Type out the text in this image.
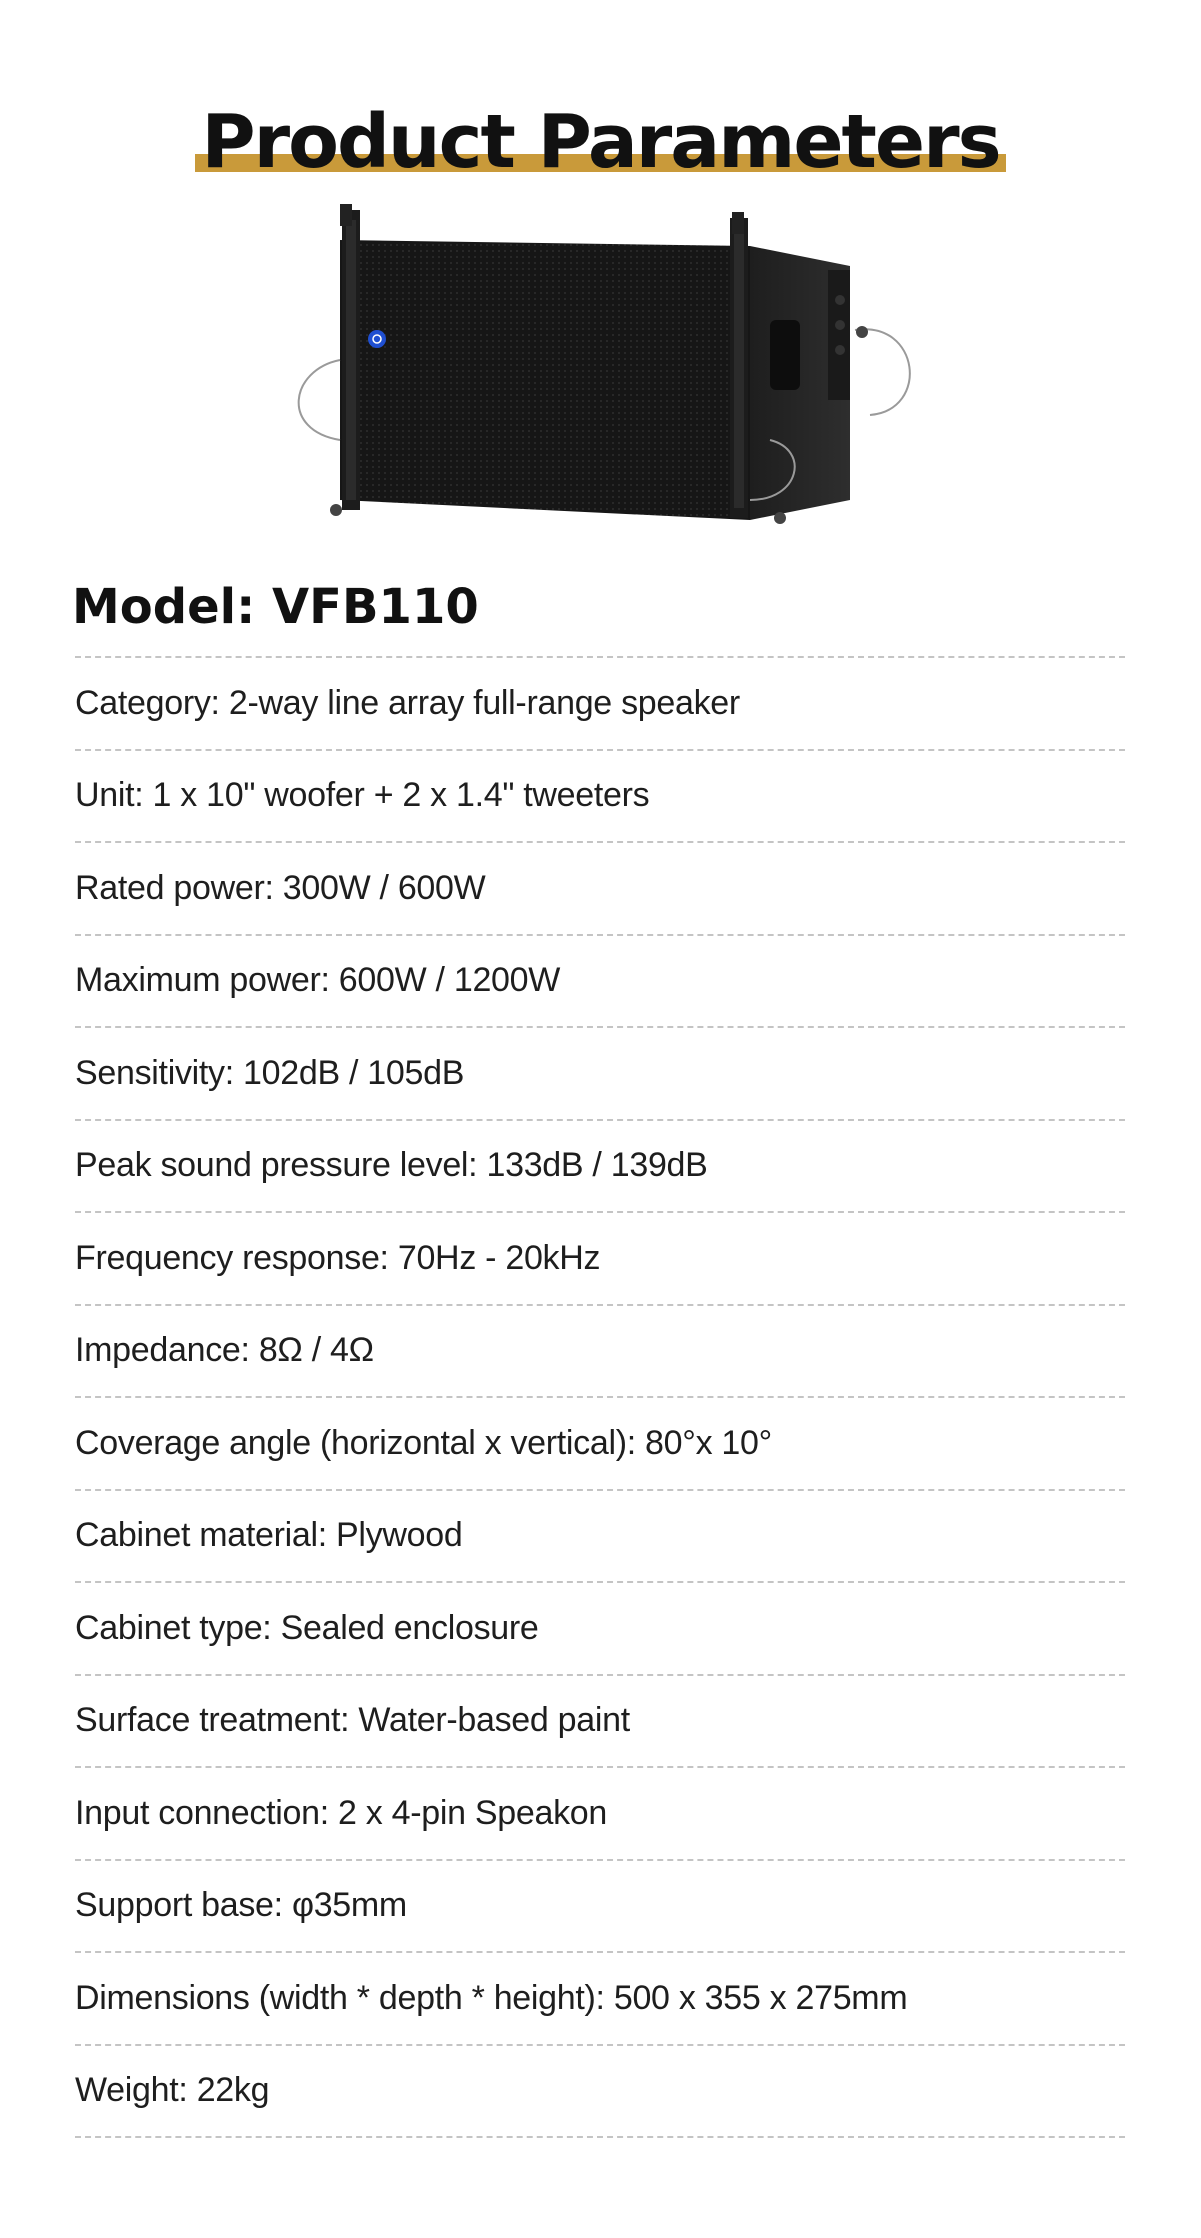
Product Parameters
Model: VFB110
Category: 2-way line array full-range speaker
Unit: 1 x 10" woofer + 2 x 1.4" tweeters
Rated power: 300W / 600W
Maximum power: 600W / 1200W
Sensitivity: 102dB / 105dB
Peak sound pressure level: 133dB / 139dB
Frequency response: 70Hz - 20kHz
Impedance: 8Ω / 4Ω
Coverage angle (horizontal x vertical): 80°x 10°
Cabinet material: Plywood
Cabinet type: Sealed enclosure
Surface treatment: Water-based paint
Input connection: 2 x 4-pin Speakon
Support base: φ35mm
Dimensions (width * depth * height): 500 x 355 x 275mm
Weight: 22kg
